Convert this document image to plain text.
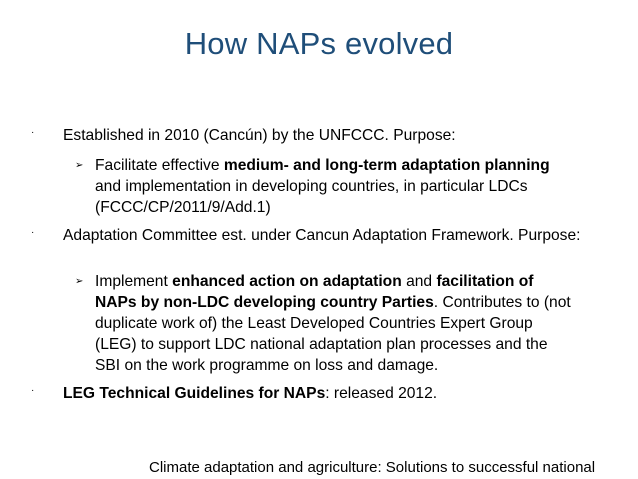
How NAPs evolved
· Established in 2010 (Cancún) by the UNFCCC. Purpose:
➢ Facilitate effective medium- and long-term adaptation planning and implementation in developing countries, in particular LDCs (FCCC/CP/2011/9/Add.1)
· Adaptation Committee est. under Cancun Adaptation Framework. Purpose:
➢ Implement enhanced action on adaptation and facilitation of NAPs by non-LDC developing country Parties. Contributes to (not duplicate work of) the Least Developed Countries Expert Group (LEG) to support LDC national adaptation plan processes and the SBI on the work programme on loss and damage.
· LEG Technical Guidelines for NAPs: released 2012.
Climate adaptation and agriculture: Solutions to successful national
